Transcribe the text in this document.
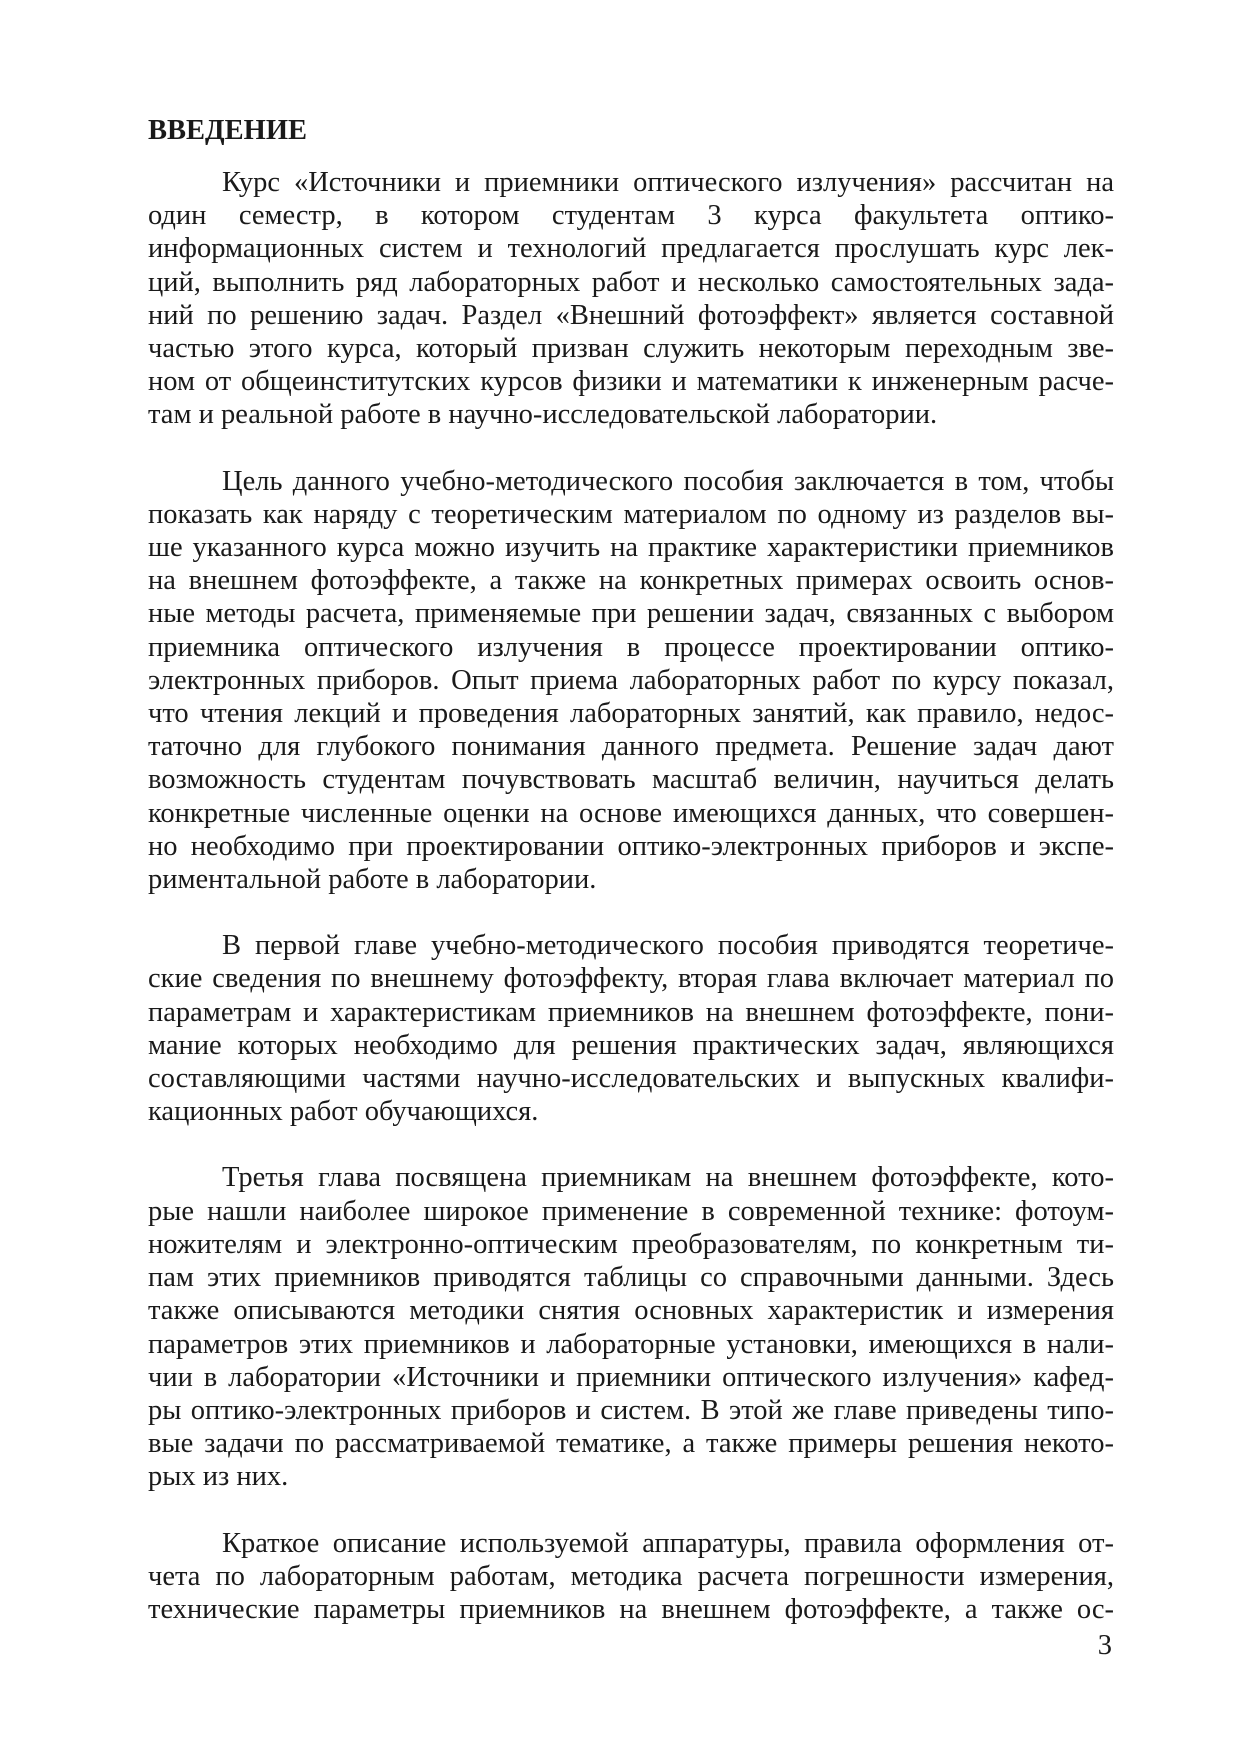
ВВЕДЕНИЕ
Курс «Источники и приемники оптического излучения» рассчитан на
один семестр, в котором студентам 3 курса факультета оптико-
информационных систем и технологий предлагается прослушать курс лек-
ций, выполнить ряд лабораторных работ и несколько самостоятельных зада-
ний по решению задач. Раздел «Внешний фотоэффект» является составной
частью этого курса, который призван служить некоторым переходным зве-
ном от общеинститутских курсов физики и математики к инженерным расче-
там и реальной работе в научно-исследовательской лаборатории.
Цель данного учебно-методического пособия заключается в том, чтобы
показать как наряду с теоретическим материалом по одному из разделов вы-
ше указанного курса можно изучить на практике характеристики приемников
на внешнем фотоэффекте, а также на конкретных примерах освоить основ-
ные методы расчета, применяемые при решении задач, связанных с выбором
приемника оптического излучения в процессе проектировании оптико-
электронных приборов. Опыт приема лабораторных работ по курсу показал,
что чтения лекций и проведения лабораторных занятий, как правило, недос-
таточно для глубокого понимания данного предмета. Решение задач дают
возможность студентам почувствовать масштаб величин, научиться делать
конкретные численные оценки на основе имеющихся данных, что совершен-
но необходимо при проектировании оптико-электронных приборов и экспе-
риментальной работе в лаборатории.
В первой главе учебно-методического пособия приводятся теоретиче-
ские сведения по внешнему фотоэффекту, вторая глава включает материал по
параметрам и характеристикам приемников на внешнем фотоэффекте, пони-
мание которых необходимо для решения практических задач, являющихся
составляющими частями научно-исследовательских и выпускных квалифи-
кационных работ обучающихся.
Третья глава посвящена приемникам на внешнем фотоэффекте, кото-
рые нашли наиболее широкое применение в современной технике: фотоум-
ножителям и электронно-оптическим преобразователям, по конкретным ти-
пам этих приемников приводятся таблицы со справочными данными. Здесь
также описываются методики снятия основных характеристик и измерения
параметров этих приемников и лабораторные установки, имеющихся в нали-
чии в лаборатории «Источники и приемники оптического излучения» кафед-
ры оптико-электронных приборов и систем. В этой же главе приведены типо-
вые задачи по рассматриваемой тематике, а также примеры решения некото-
рых из них.
Краткое описание используемой аппаратуры, правила оформления от-
чета по лабораторным работам, методика расчета погрешности измерения,
технические параметры приемников на внешнем фотоэффекте, а также ос-
3
